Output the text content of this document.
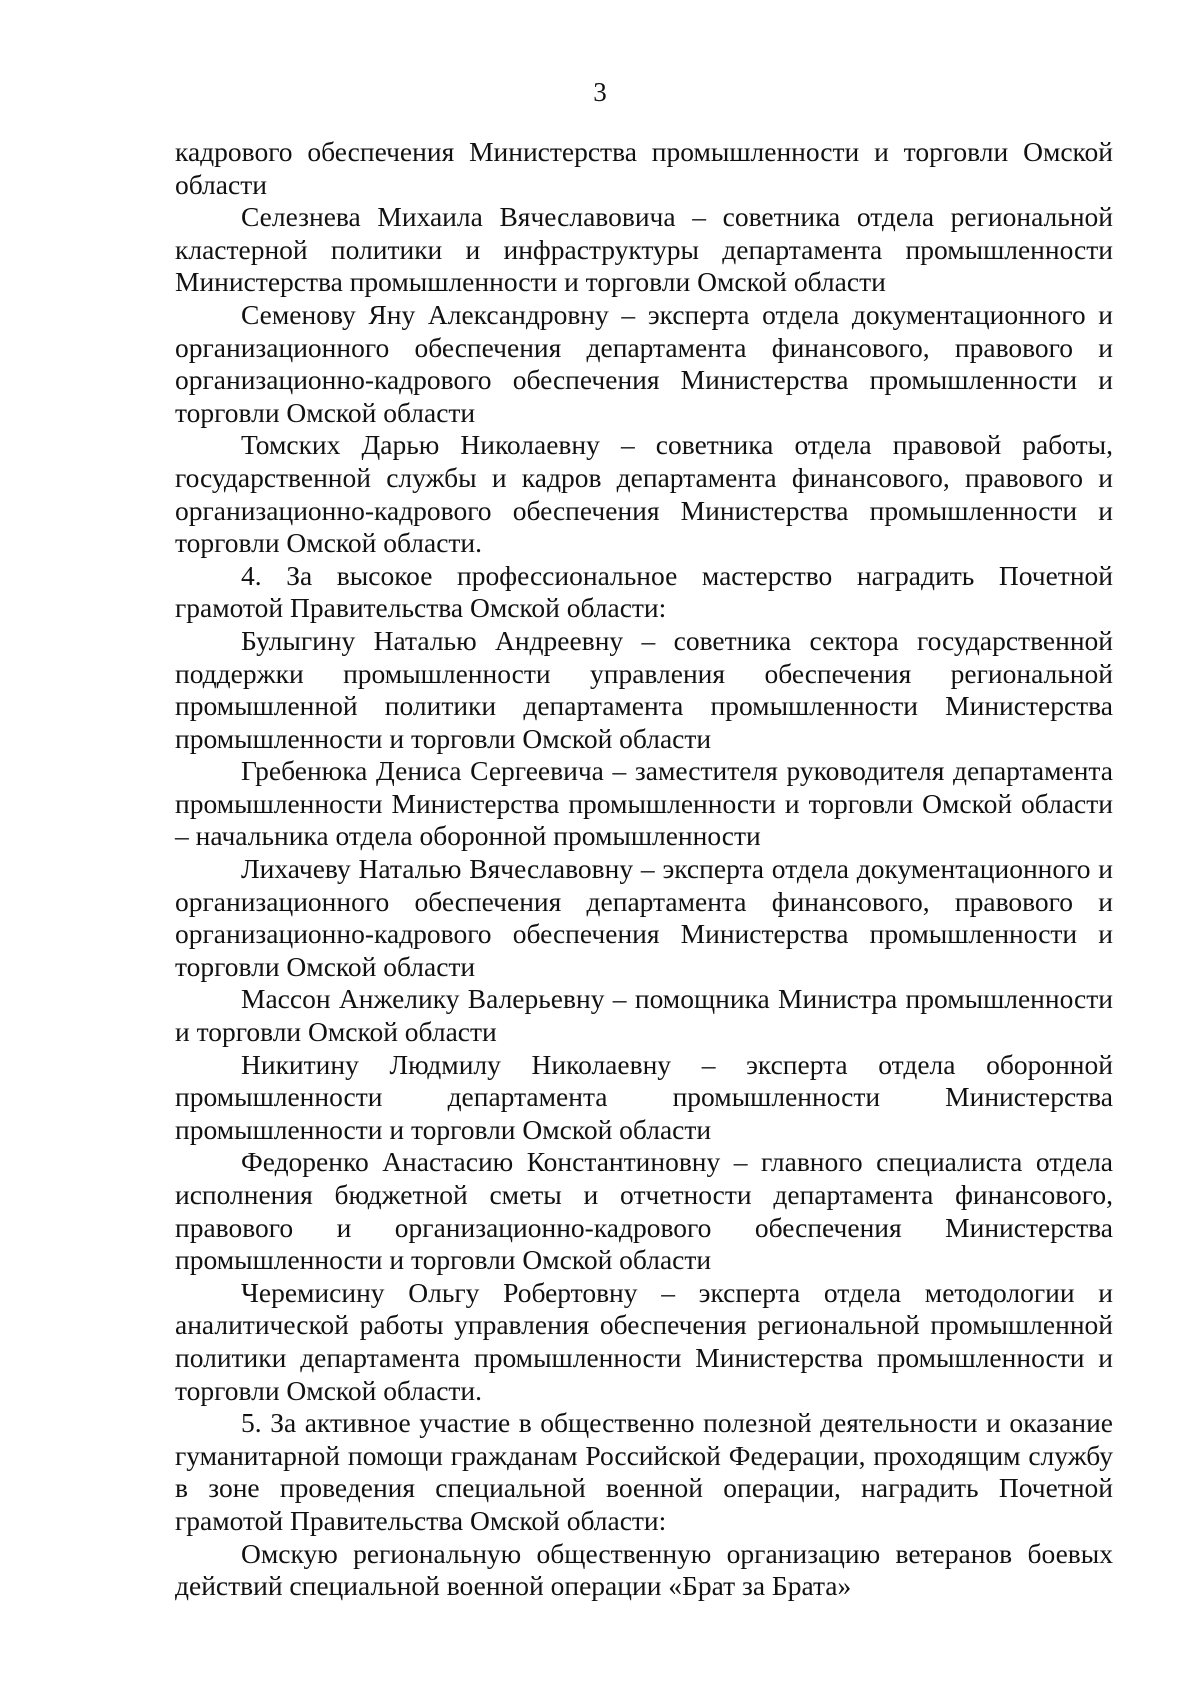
3

кадрового обеспечения Министерства промышленности и торговли Омской области

Селезнева Михаила Вячеславовича – советника отдела региональной кластерной политики и инфраструктуры департамента промышленности Министерства промышленности и торговли Омской области

Семенову Яну Александровну – эксперта отдела документационного и организационного обеспечения департамента финансового, правового и организационно-кадрового обеспечения Министерства промышленности и торговли Омской области

Томских Дарью Николаевну – советника отдела правовой работы, государственной службы и кадров департамента финансового, правового и организационно-кадрового обеспечения Министерства промышленности и торговли Омской области.

4. За высокое профессиональное мастерство наградить Почетной грамотой Правительства Омской области:

Булыгину Наталью Андреевну – советника сектора государственной поддержки промышленности управления обеспечения региональной промышленной политики департамента промышленности Министерства промышленности и торговли Омской области

Гребенюка Дениса Сергеевича – заместителя руководителя департамента промышленности Министерства промышленности и торговли Омской области – начальника отдела оборонной промышленности

Лихачеву Наталью Вячеславовну – эксперта отдела документационного и организационного обеспечения департамента финансового, правового и организационно-кадрового обеспечения Министерства промышленности и торговли Омской области

Массон Анжелику Валерьевну – помощника Министра промышленности и торговли Омской области

Никитину Людмилу Николаевну – эксперта отдела оборонной промышленности департамента промышленности Министерства промышленности и торговли Омской области

Федоренко Анастасию Константиновну – главного специалиста отдела исполнения бюджетной сметы и отчетности департамента финансового, правового и организационно-кадрового обеспечения Министерства промышленности и торговли Омской области

Черемисину Ольгу Робертовну – эксперта отдела методологии и аналитической работы управления обеспечения региональной промышленной политики департамента промышленности Министерства промышленности и торговли Омской области.

5. За активное участие в общественно полезной деятельности и оказание гуманитарной помощи гражданам Российской Федерации, проходящим службу в зоне проведения специальной военной операции, наградить Почетной грамотой Правительства Омской области:

Омскую региональную общественную организацию ветеранов боевых действий специальной военной операции «Брат за Брата»
